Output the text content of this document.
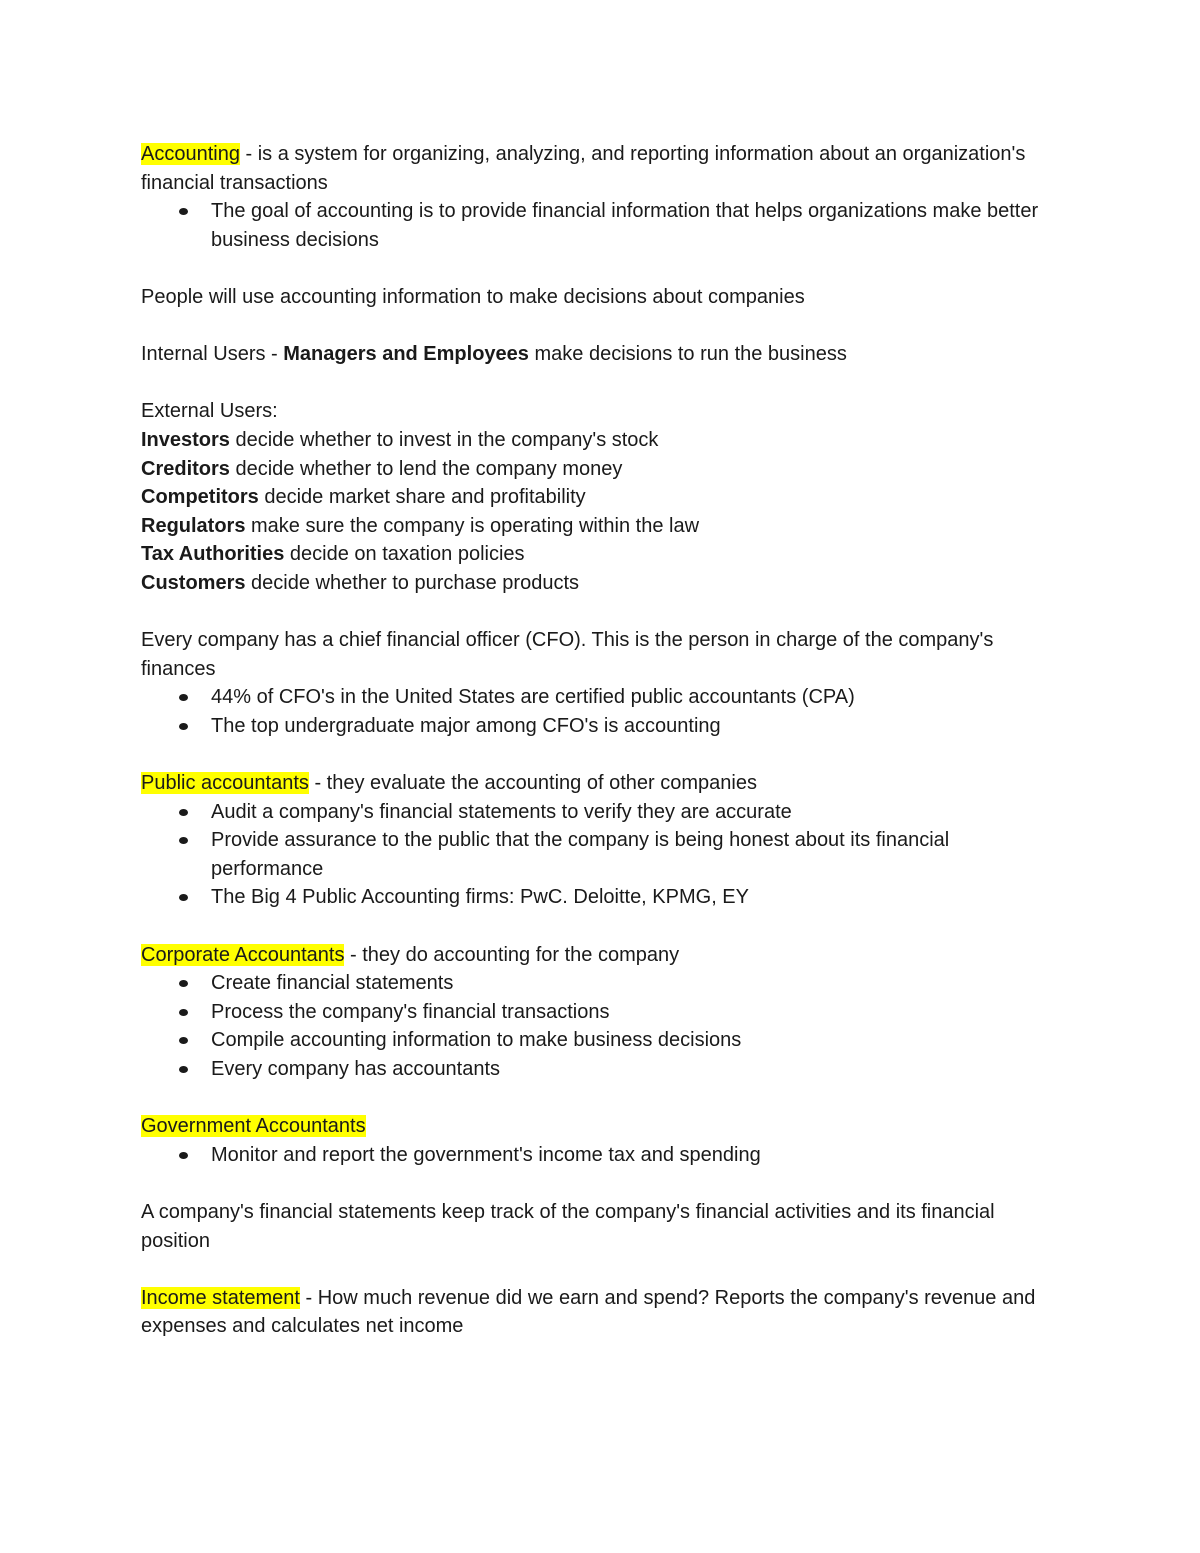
Accounting - is a system for organizing, analyzing, and reporting information about an organization's financial transactions

The goal of accounting is to provide financial information that helps organizations make better business decisions

People will use accounting information to make decisions about companies

Internal Users - Managers and Employees make decisions to run the business

External Users:

Investors decide whether to invest in the company's stock

Creditors decide whether to lend the company money

Competitors decide market share and profitability

Regulators make sure the company is operating within the law

Tax Authorities decide on taxation policies

Customers decide whether to purchase products

Every company has a chief financial officer (CFO). This is the person in charge of the company's finances

44% of CFO's in the United States are certified public accountants (CPA)
The top undergraduate major among CFO's is accounting

Public accountants - they evaluate the accounting of other companies

Audit a company's financial statements to verify they are accurate
Provide assurance to the public that the company is being honest about its financial performance
The Big 4 Public Accounting firms: PwC. Deloitte, KPMG, EY

Corporate Accountants - they do accounting for the company

Create financial statements
Process the company's financial transactions
Compile accounting information to make business decisions
Every company has accountants

Government Accountants

Monitor and report the government's income tax and spending

A company's financial statements keep track of the company's financial activities and its financial position

Income statement - How much revenue did we earn and spend? Reports the company's revenue and expenses and calculates net income
